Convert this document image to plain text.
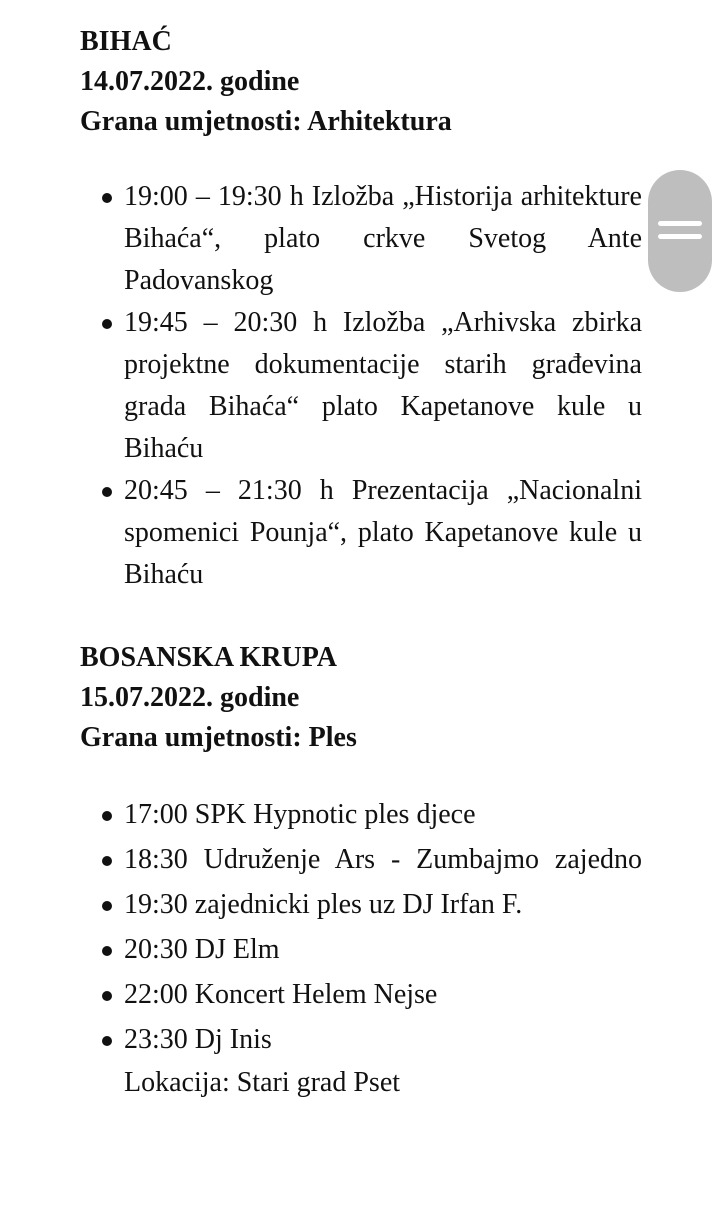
BIHAĆ
14.07.2022. godine
Grana umjetnosti: Arhitektura
19:00 – 19:30 h Izložba „Historija arhitekture Bihaća“, plato crkve Svetog Ante Padovanskog
19:45 – 20:30 h Izložba „Arhivska zbirka projektne dokumentacije starih građevina grada Bihaća“ plato Kapetanove kule u Bihaću
20:45 – 21:30 h Prezentacija „Nacionalni spomenici Pounja“, plato Kapetanove kule u Bihaću
BOSANSKA KRUPA
15.07.2022. godine
Grana umjetnosti: Ples
17:00 SPK Hypnotic ples djece
18:30 Udruženje Ars - Zumbajmo zajedno
19:30 zajednicki ples uz DJ Irfan F.
20:30 DJ Elm
22:00 Koncert Helem Nejse
23:30 Dj Inis
Lokacija: Stari grad Pset
